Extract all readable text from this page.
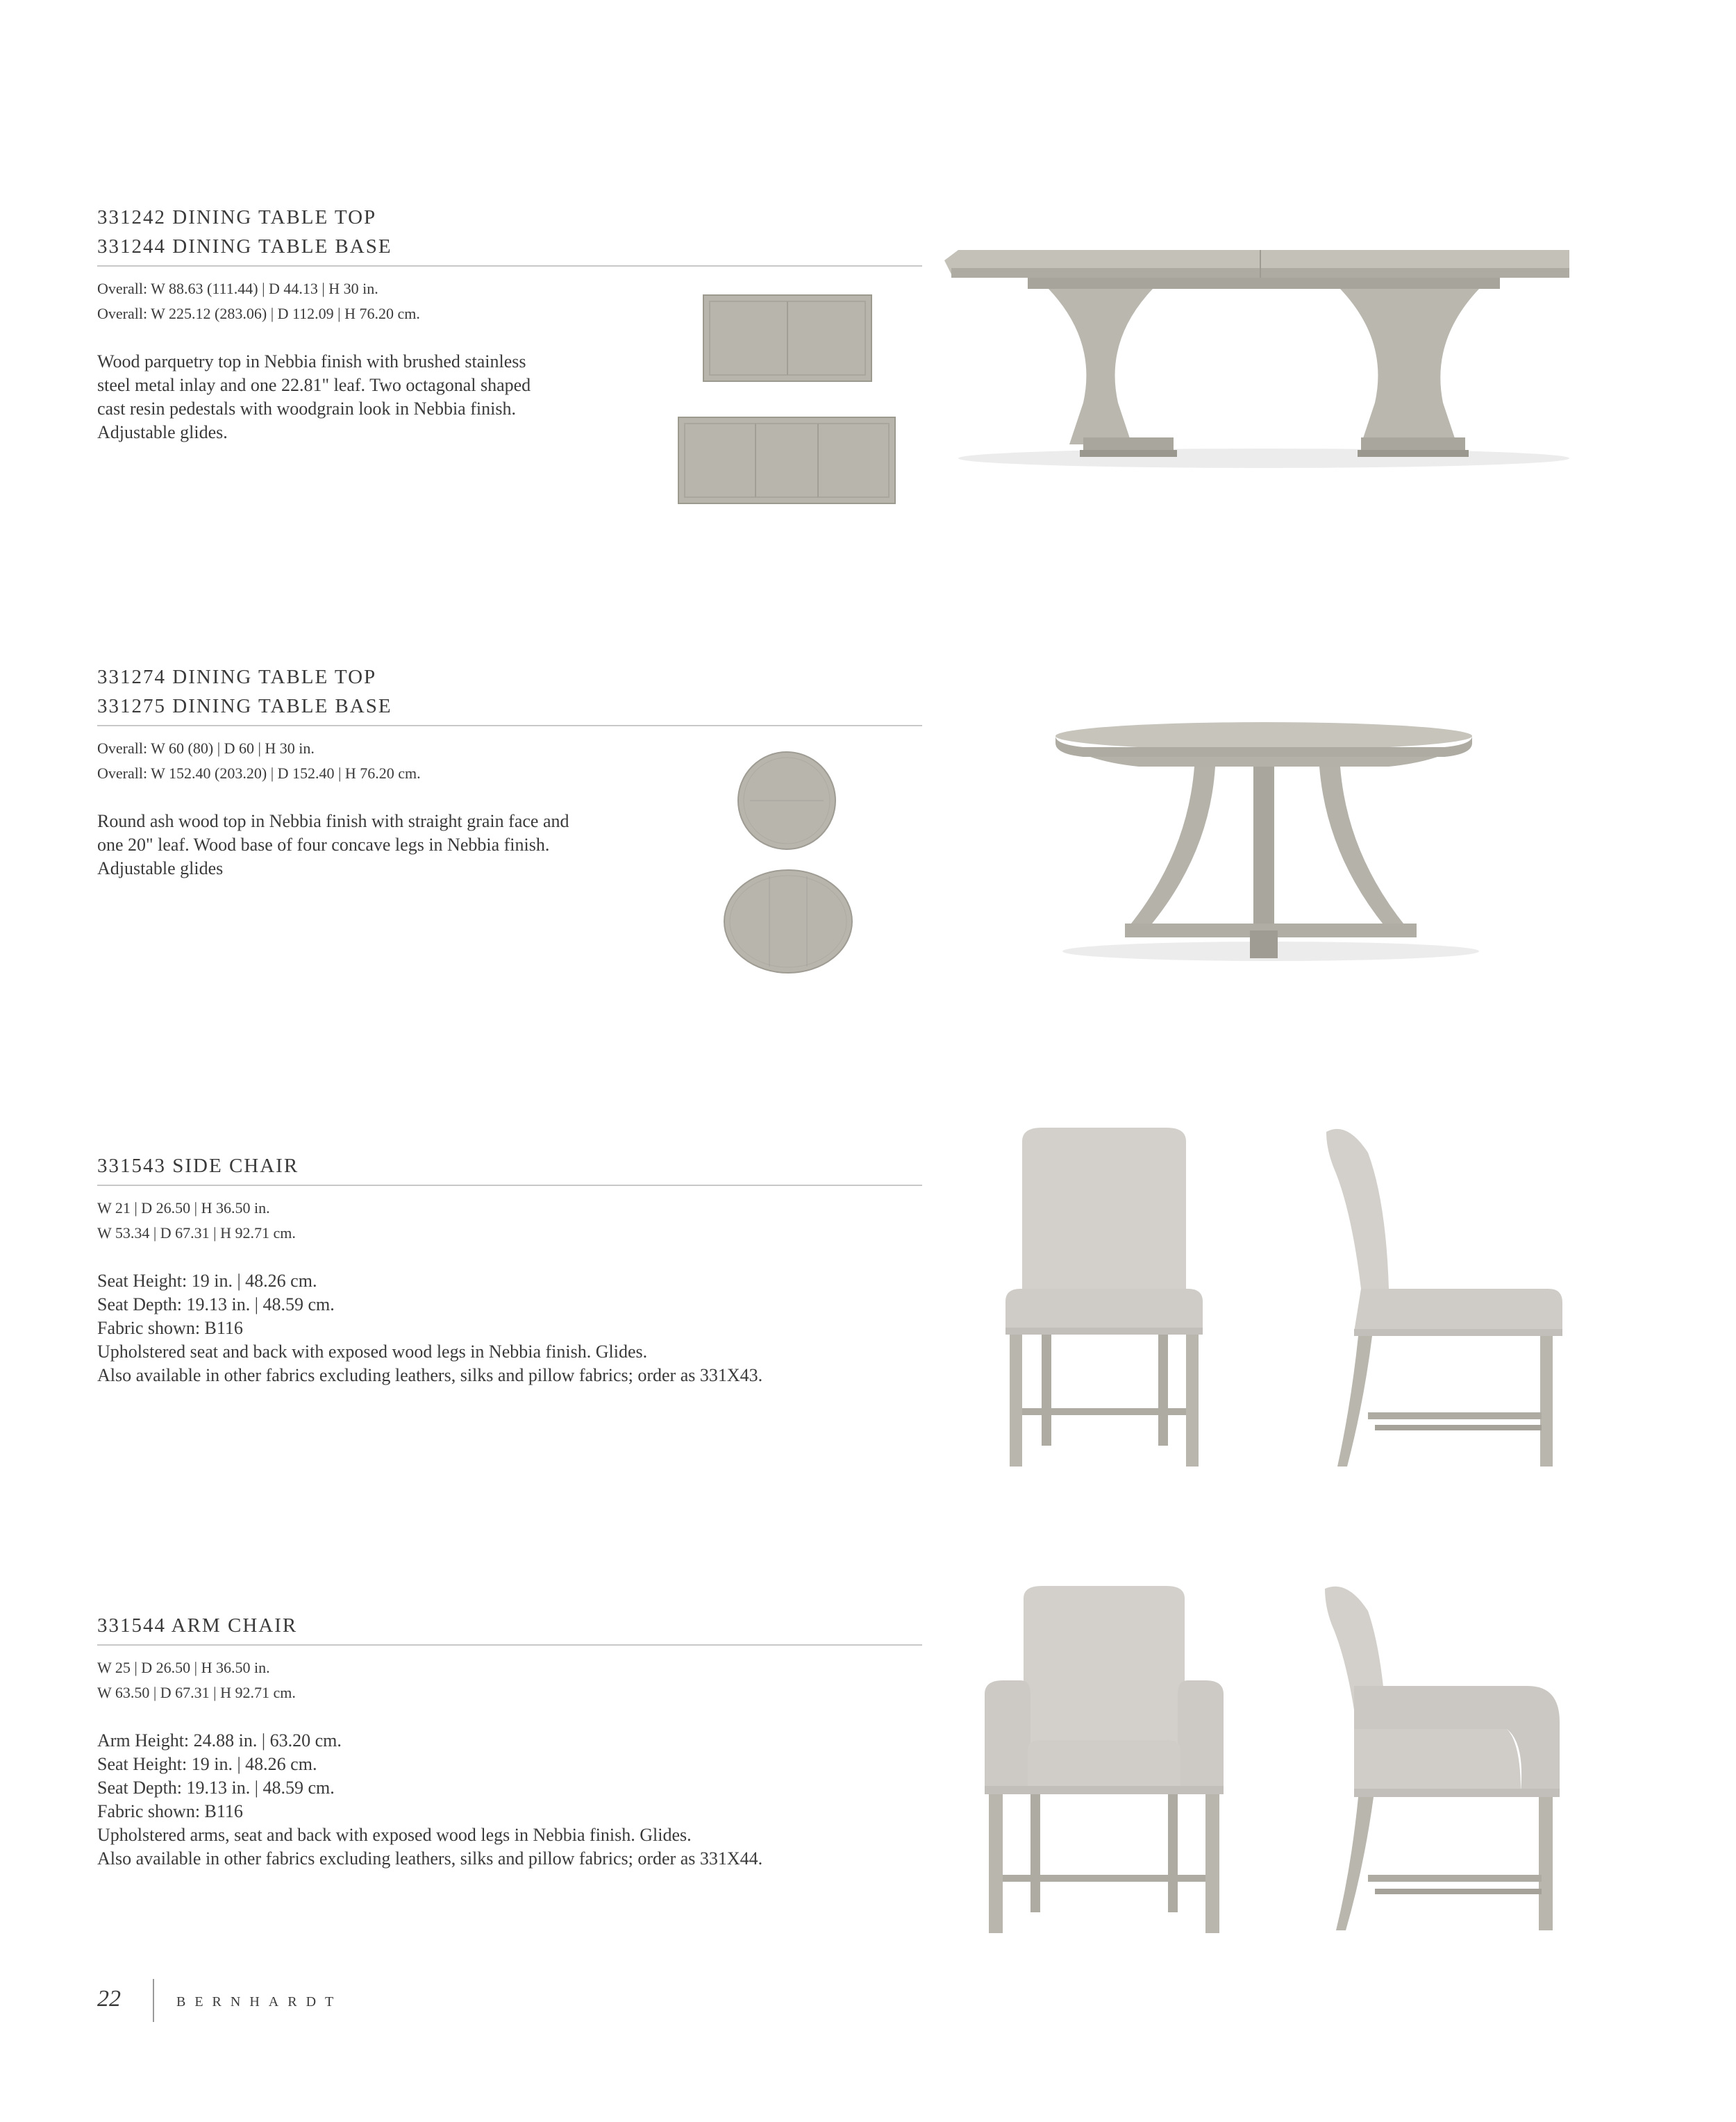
331242 DINING TABLE TOP
331244 DINING TABLE BASE

Overall: W 88.63 (111.44) | D 44.13 | H 30 in.

Overall: W 225.12 (283.06) | D 112.09 | H 76.20 cm.

Wood parquetry top in Nebbia finish with brushed stainless

steel metal inlay and one 22.81" leaf. Two octagonal shaped

cast resin pedestals with woodgrain look in Nebbia finish.

Adjustable glides.

331274 DINING TABLE TOP
331275 DINING TABLE BASE

Overall: W 60 (80) | D 60 | H 30 in.

Overall: W 152.40 (203.20) | D 152.40 | H 76.20 cm.

Round ash wood top in Nebbia finish with straight grain face and

one 20" leaf. Wood base of four concave legs in Nebbia finish.

Adjustable glides

331543 SIDE CHAIR

W 21 | D 26.50 | H 36.50 in.

W 53.34 | D 67.31 | H 92.71 cm.

Seat Height: 19 in. | 48.26 cm.

Seat Depth: 19.13 in. | 48.59 cm.

Fabric shown: B116

Upholstered seat and back with exposed wood legs in Nebbia finish. Glides.

Also available in other fabrics excluding leathers, silks and pillow fabrics; order as 331X43.

331544 ARM CHAIR

W 25 | D 26.50 | H 36.50 in.

W 63.50 | D 67.31 | H 92.71 cm.

Arm Height: 24.88 in. | 63.20 cm.

Seat Height: 19 in. | 48.26 cm.

Seat Depth: 19.13 in. | 48.59 cm.

Fabric shown: B116

Upholstered arms, seat and back with exposed wood legs in Nebbia finish. Glides.

Also available in other fabrics excluding leathers, silks and pillow fabrics; order as 331X44.

22	BERNHARDT
